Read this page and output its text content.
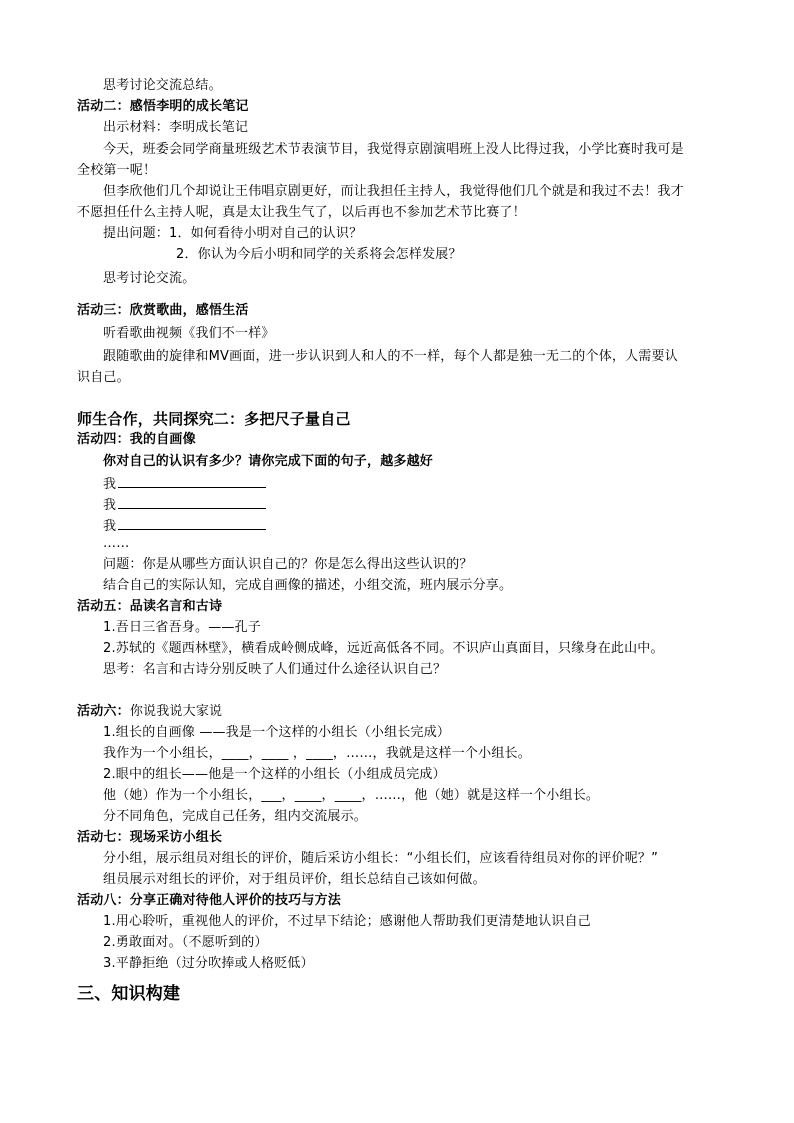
思考讨论交流总结。
活动二：感悟李明的成长笔记
出示材料：李明成长笔记
今天，班委会同学商量班级艺术节表演节目，我觉得京剧演唱班上没人比得过我，小学比赛时我可是
全校第一呢！
但李欣他们几个却说让王伟唱京剧更好，而让我担任主持人，我觉得他们几个就是和我过不去！我才
不愿担任什么主持人呢，真是太让我生气了，以后再也不参加艺术节比赛了！
提出问题：1．如何看待小明对自己的认识？
2．你认为今后小明和同学的关系将会怎样发展？
思考讨论交流。
活动三：欣赏歌曲，感悟生活
听看歌曲视频《我们不一样》
跟随歌曲的旋律和MV画面，进一步认识到人和人的不一样，每个人都是独一无二的个体，人需要认
识自己。
师生合作，共同探究二：多把尺子量自己
活动四：我的自画像
你对自己的认识有多少？请你完成下面的句子，越多越好
我
我
我
……
问题：你是从哪些方面认识自己的？你是怎么得出这些认识的？
结合自己的实际认知，完成自画像的描述，小组交流，班内展示分享。
活动五：品读名言和古诗
1.吾日三省吾身。——孔子
2.苏轼的《题西林壁》，横看成岭侧成峰，远近高低各不同。不识庐山真面目，只缘身在此山中。
思考：名言和古诗分别反映了人们通过什么途径认识自己？
活动六：你说我说大家说
1.组长的自画像 ——我是一个这样的小组长（小组长完成）
我作为一个小组长，____，____ ，____，……，我就是这样一个小组长。
2.眼中的组长——他是一个这样的小组长（小组成员完成）
他（她）作为一个小组长，___，____，____，……，他（她）就是这样一个小组长。
分不同角色，完成自己任务，组内交流展示。
活动七：现场采访小组长
分小组，展示组员对组长的评价，随后采访小组长：“小组长们，应该看待组员对你的评价呢？”
组员展示对组长的评价，对于组员评价，组长总结自己该如何做。
活动八：分享正确对待他人评价的技巧与方法
1.用心聆听，重视他人的评价，不过早下结论；感谢他人帮助我们更清楚地认识自己
2.勇敢面对。（不愿听到的）
3.平静拒绝（过分吹捧或人格贬低）
三、知识构建
